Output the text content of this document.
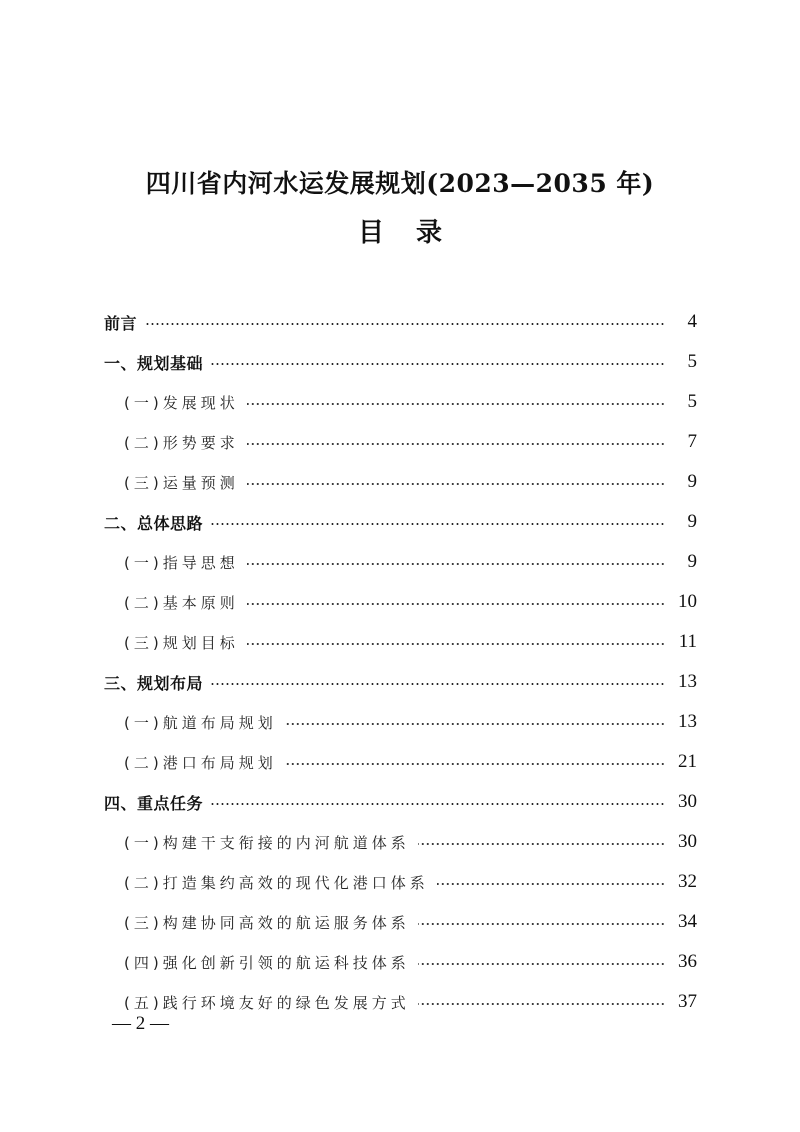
四川省内河水运发展规划(2023—2035 年)
目 录
前言	4
一、规划基础	5
(一)发展现状	5
(二)形势要求	7
(三)运量预测	9
二、总体思路	9
(一)指导思想	9
(二)基本原则	10
(三)规划目标	11
三、规划布局	13
(一)航道布局规划	13
(二)港口布局规划	21
四、重点任务	30
(一)构建干支衔接的内河航道体系	30
(二)打造集约高效的现代化港口体系	32
(三)构建协同高效的航运服务体系	34
(四)强化创新引领的航运科技体系	36
(五)践行环境友好的绿色发展方式	37
— 2 —
